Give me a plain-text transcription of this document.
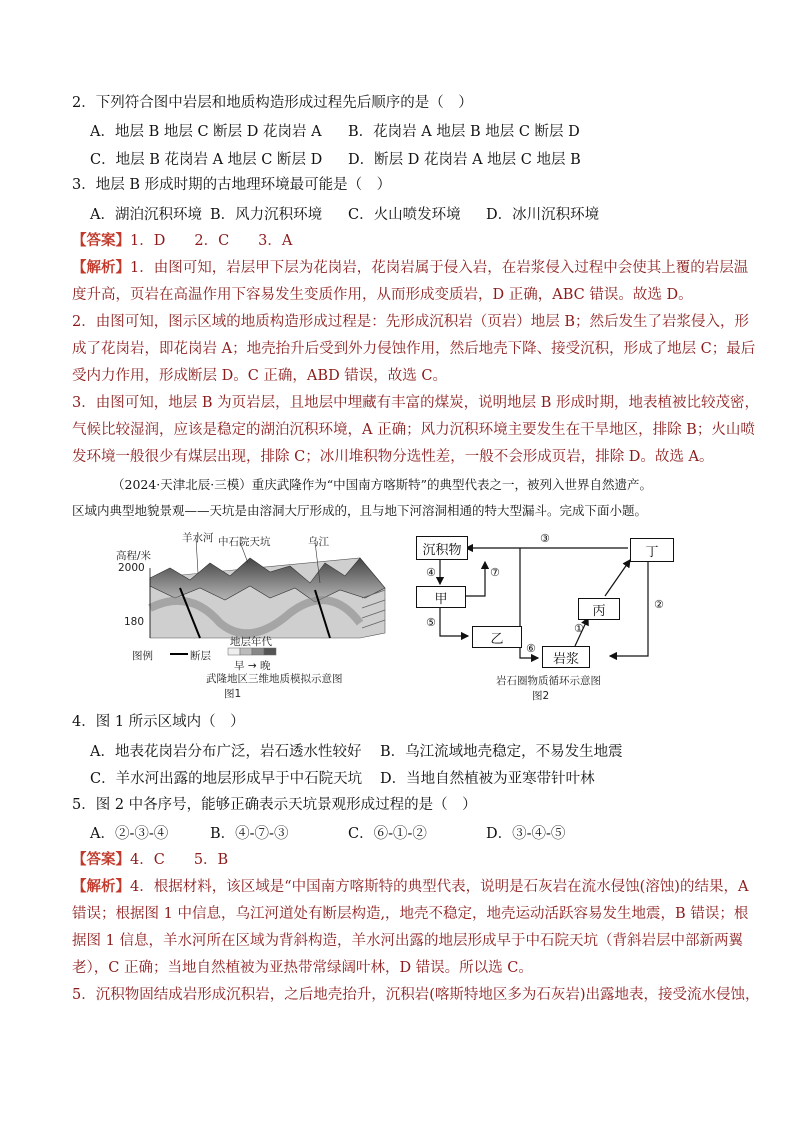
2．下列符合图中岩层和地质构造形成过程先后顺序的是（　）
A．地层 B 地层 C 断层 D 花岗岩 A B．花岗岩 A 地层 B 地层 C 断层 D
C．地层 B 花岗岩 A 地层 C 断层 D D．断层 D 花岗岩 A 地层 C 地层 B
3．地层 B 形成时期的古地理环境最可能是（　）
A．湖泊沉积环境 B．风力沉积环境 C．火山喷发环境 D．冰川沉积环境
【答案】1．D　　2．C　　3．A
【解析】1．由图可知，岩层甲下层为花岗岩，花岗岩属于侵入岩，在岩浆侵入过程中会使其上覆的岩层温
度升高，页岩在高温作用下容易发生变质作用，从而形成变质岩，D 正确，ABC 错误。故选 D。
2．由图可知，图示区域的地质构造形成过程是：先形成沉积岩（页岩）地层 B；然后发生了岩浆侵入，形
成了花岗岩，即花岗岩 A；地壳抬升后受到外力侵蚀作用，然后地壳下降、接受沉积，形成了地层 C；最后
受内力作用，形成断层 D。C 正确，ABD 错误，故选 C。
3．由图可知，地层 B 为页岩层，且地层中埋藏有丰富的煤炭，说明地层 B 形成时期，地表植被比较茂密，
气候比较湿润，应该是稳定的湖泊沉积环境，A 正确；风力沉积环境主要发生在干旱地区，排除 B；火山喷
发环境一般很少有煤层出现，排除 C；冰川堆积物分选性差，一般不会形成页岩，排除 D。故选 A。
（2024·天津北辰·三模）重庆武隆作为“中国南方喀斯特”的典型代表之一，被列入世界自然遗产。
区域内典型地貌景观——天坑是由溶洞大厅形成的，且与地下河溶洞相通的特大型漏斗。完成下面小题。
羊水河 中石院天坑	乌江
高程/米
2000
180
图例	断层
地层年代
早 → 晚
武隆地区三维地质模拟示意图
图1
沉积物
甲
乙
丙
丁
岩浆
①
②
③
④
⑤
⑥
⑦
岩石圈物质循环示意图
图2
4．图 1 所示区域内（　）
A．地表花岗岩分布广泛，岩石透水性较好 B．乌江流域地壳稳定，不易发生地震
C．羊水河出露的地层形成早于中石院天坑 D．当地自然植被为亚寒带针叶林
5．图 2 中各序号，能够正确表示天坑景观形成过程的是（　）
A．②-③-④	B．④-⑦-③	C．⑥-①-②	D．③-④-⑤
【答案】4．C　　5．B
【解析】4．根据材料，该区域是“中国南方喀斯特的典型代表，说明是石灰岩在流水侵蚀(溶蚀)的结果，A
错误；根据图 1 中信息，乌江河道处有断层构造,，地壳不稳定，地壳运动活跃容易发生地震，B 错误；根
据图 1 信息，羊水河所在区域为背斜构造，羊水河出露的地层形成早于中石院天坑（背斜岩层中部新两翼
老），C 正确；当地自然植被为亚热带常绿阔叶林，D 错误。所以选 C。
5．沉积物固结成岩形成沉积岩，之后地壳抬升，沉积岩(喀斯特地区多为石灰岩)出露地表，接受流水侵蚀，
